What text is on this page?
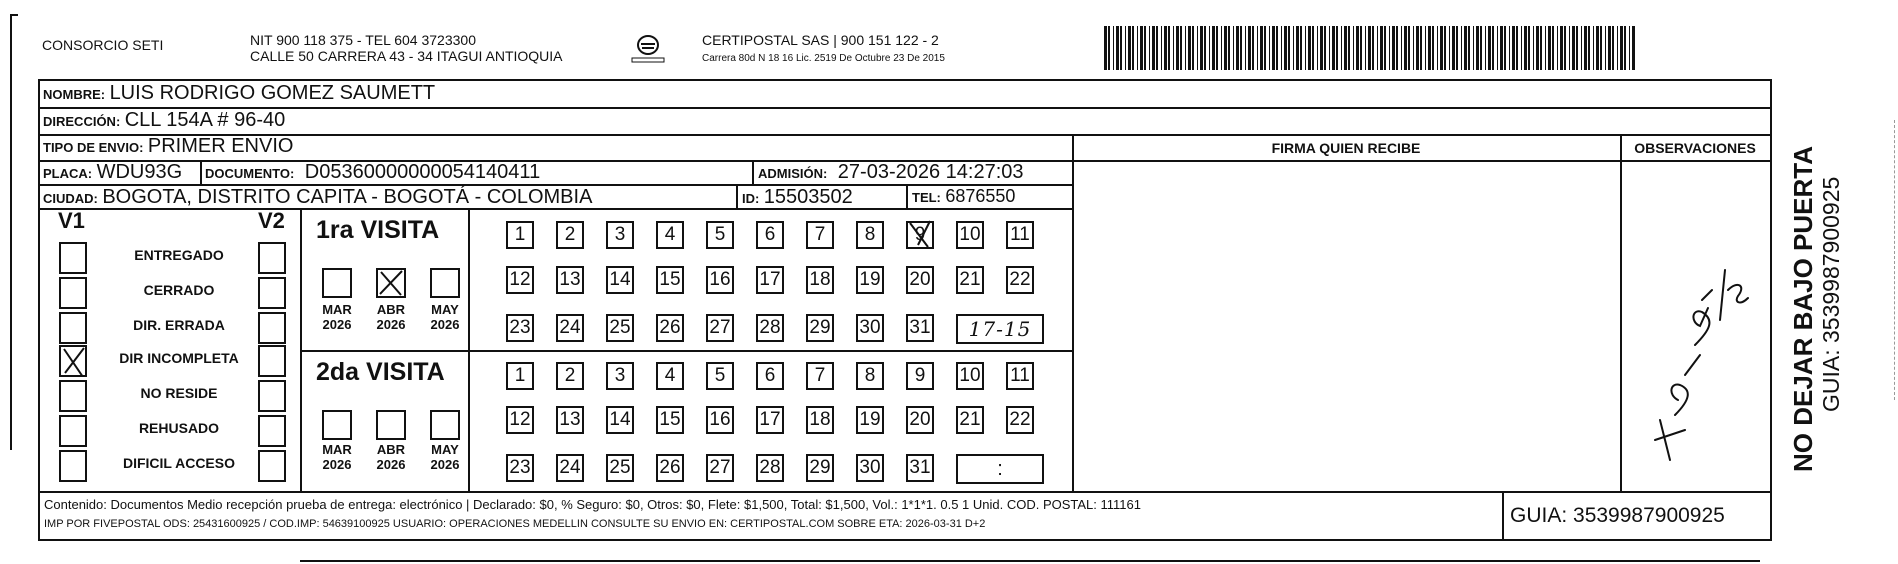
CONSORCIO SETI	NIT 900 118 375 - TEL 604 3723300
CALLE 50 CARRERA 43 - 34 ITAGUI ANTIOQUIA
CERTIPOSTAL SAS | 900 151 122 - 2
Carrera 80d N 18 16 Lic. 2519 De Octubre 23 De 2015
NOMBRE: LUIS RODRIGO GOMEZ SAUMETT
DIRECCIÓN: CLL 154A # 96-40
TIPO DE ENVIO: PRIMER ENVIO	FIRMA QUIEN RECIBE	OBSERVACIONES
PLACA: WDU93G DOCUMENTO: D05360000000054140411	ADMISIÓN: 27-03-2026 14:27:03
CIUDAD: BOGOTA, DISTRITO CAPITA - BOGOTÁ - COLOMBIA	ID: 15503502	TEL: 6876550
V1	V2
ENTREGADO
CERRADO
DIR. ERRADA
DIR INCOMPLETA
NO RESIDE
REHUSADO
DIFICIL ACCESO
1ra VISITA
2da VISITA
MAR
2026
ABR
2026
MAY
2026
MAR
2026
ABR
2026
MAY
2026
1	2	3	4	5	6	7	8	9	10 11
12 13 14 15 16 17 18 19 20 21 22
23 24 25 26 27 28 29 30 31
1	2	3	4	5	6	7	8	9	10 11
12 13 14 15 16 17 18 19 20 21 22
23 24 25 26 27 28 29 30 31
17-15
:
Contenido: Documentos Medio recepción prueba de entrega: electrónico | Declarado: $0, % Seguro: $0, Otros: $0, Flete: $1,500, Total: $1,500, Vol.: 1*1*1. 0.5 1 Unid. COD. POSTAL: 111161
IMP POR FIVEPOSTAL ODS: 25431600925 / COD.IMP: 54639100925 USUARIO: OPERACIONES MEDELLIN CONSULTE SU ENVIO EN: CERTIPOSTAL.COM SOBRE ETA: 2026-03-31 D+2	GUIA: 3539987900925
NO DEJAR BAJO PUERTA GUIA: 3539987900925
